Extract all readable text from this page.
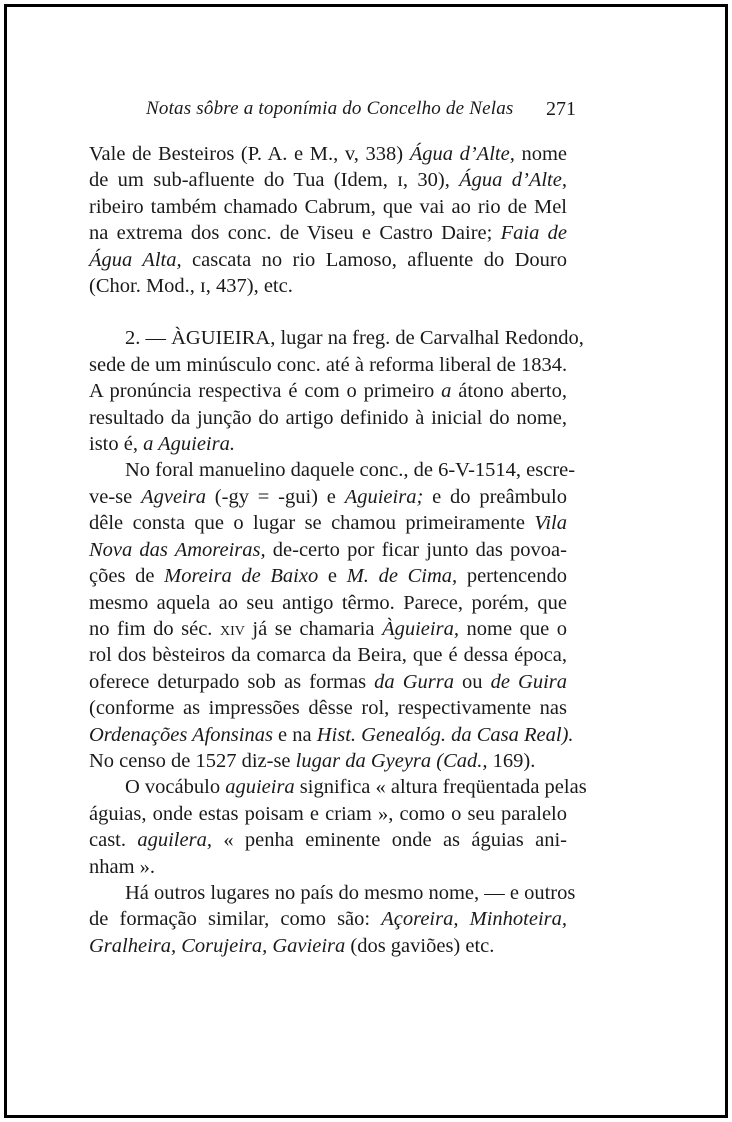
Notas sôbre a toponímia do Concelho de Nelas 271

Vale de Besteiros (P. A. e M., v, 338) Água d’Alte, nome
de um sub-afluente do Tua (Idem, ɪ, 30), Água d’Alte,
ribeiro também chamado Cabrum, que vai ao rio de Mel
na extrema dos conc. de Viseu e Castro Daire; Faia de
Água Alta, cascata no rio Lamoso, afluente do Douro
(Chor. Mod., ɪ, 437), etc.

2. — ÀGUIEIRA, lugar na freg. de Carvalhal Redondo,
sede de um minúsculo conc. até à reforma liberal de 1834.
A pronúncia respectiva é com o primeiro a átono aberto,
resultado da junção do artigo definido à inicial do nome,
isto é, a Aguieira.

No foral manuelino daquele conc., de 6-V-1514, escre-
ve-se Agveira (-gy = -gui) e Aguieira; e do preâmbulo
dêle consta que o lugar se chamou primeiramente Vila
Nova das Amoreiras, de-certo por ficar junto das povoa-
ções de Moreira de Baixo e M. de Cima, pertencendo
mesmo aquela ao seu antigo têrmo. Parece, porém, que
no fim do séc. xiv já se chamaria Àguieira, nome que o
rol dos bèsteiros da comarca da Beira, que é dessa época,
oferece deturpado sob as formas da Gurra ou de Guira
(conforme as impressões dêsse rol, respectivamente nas
Ordenações Afonsinas e na Hist. Genealóg. da Casa Real).
No censo de 1527 diz-se lugar da Gyeyra (Cad., 169).

O vocábulo aguieira significa « altura freqüentada pelas
águias, onde estas poisam e criam », como o seu paralelo
cast. aguilera, « penha eminente onde as águias ani-
nham ».

Há outros lugares no país do mesmo nome, — e outros
de formação similar, como são: Açoreira, Minhoteira,
Gralheira, Corujeira, Gavieira (dos gaviões) etc.
